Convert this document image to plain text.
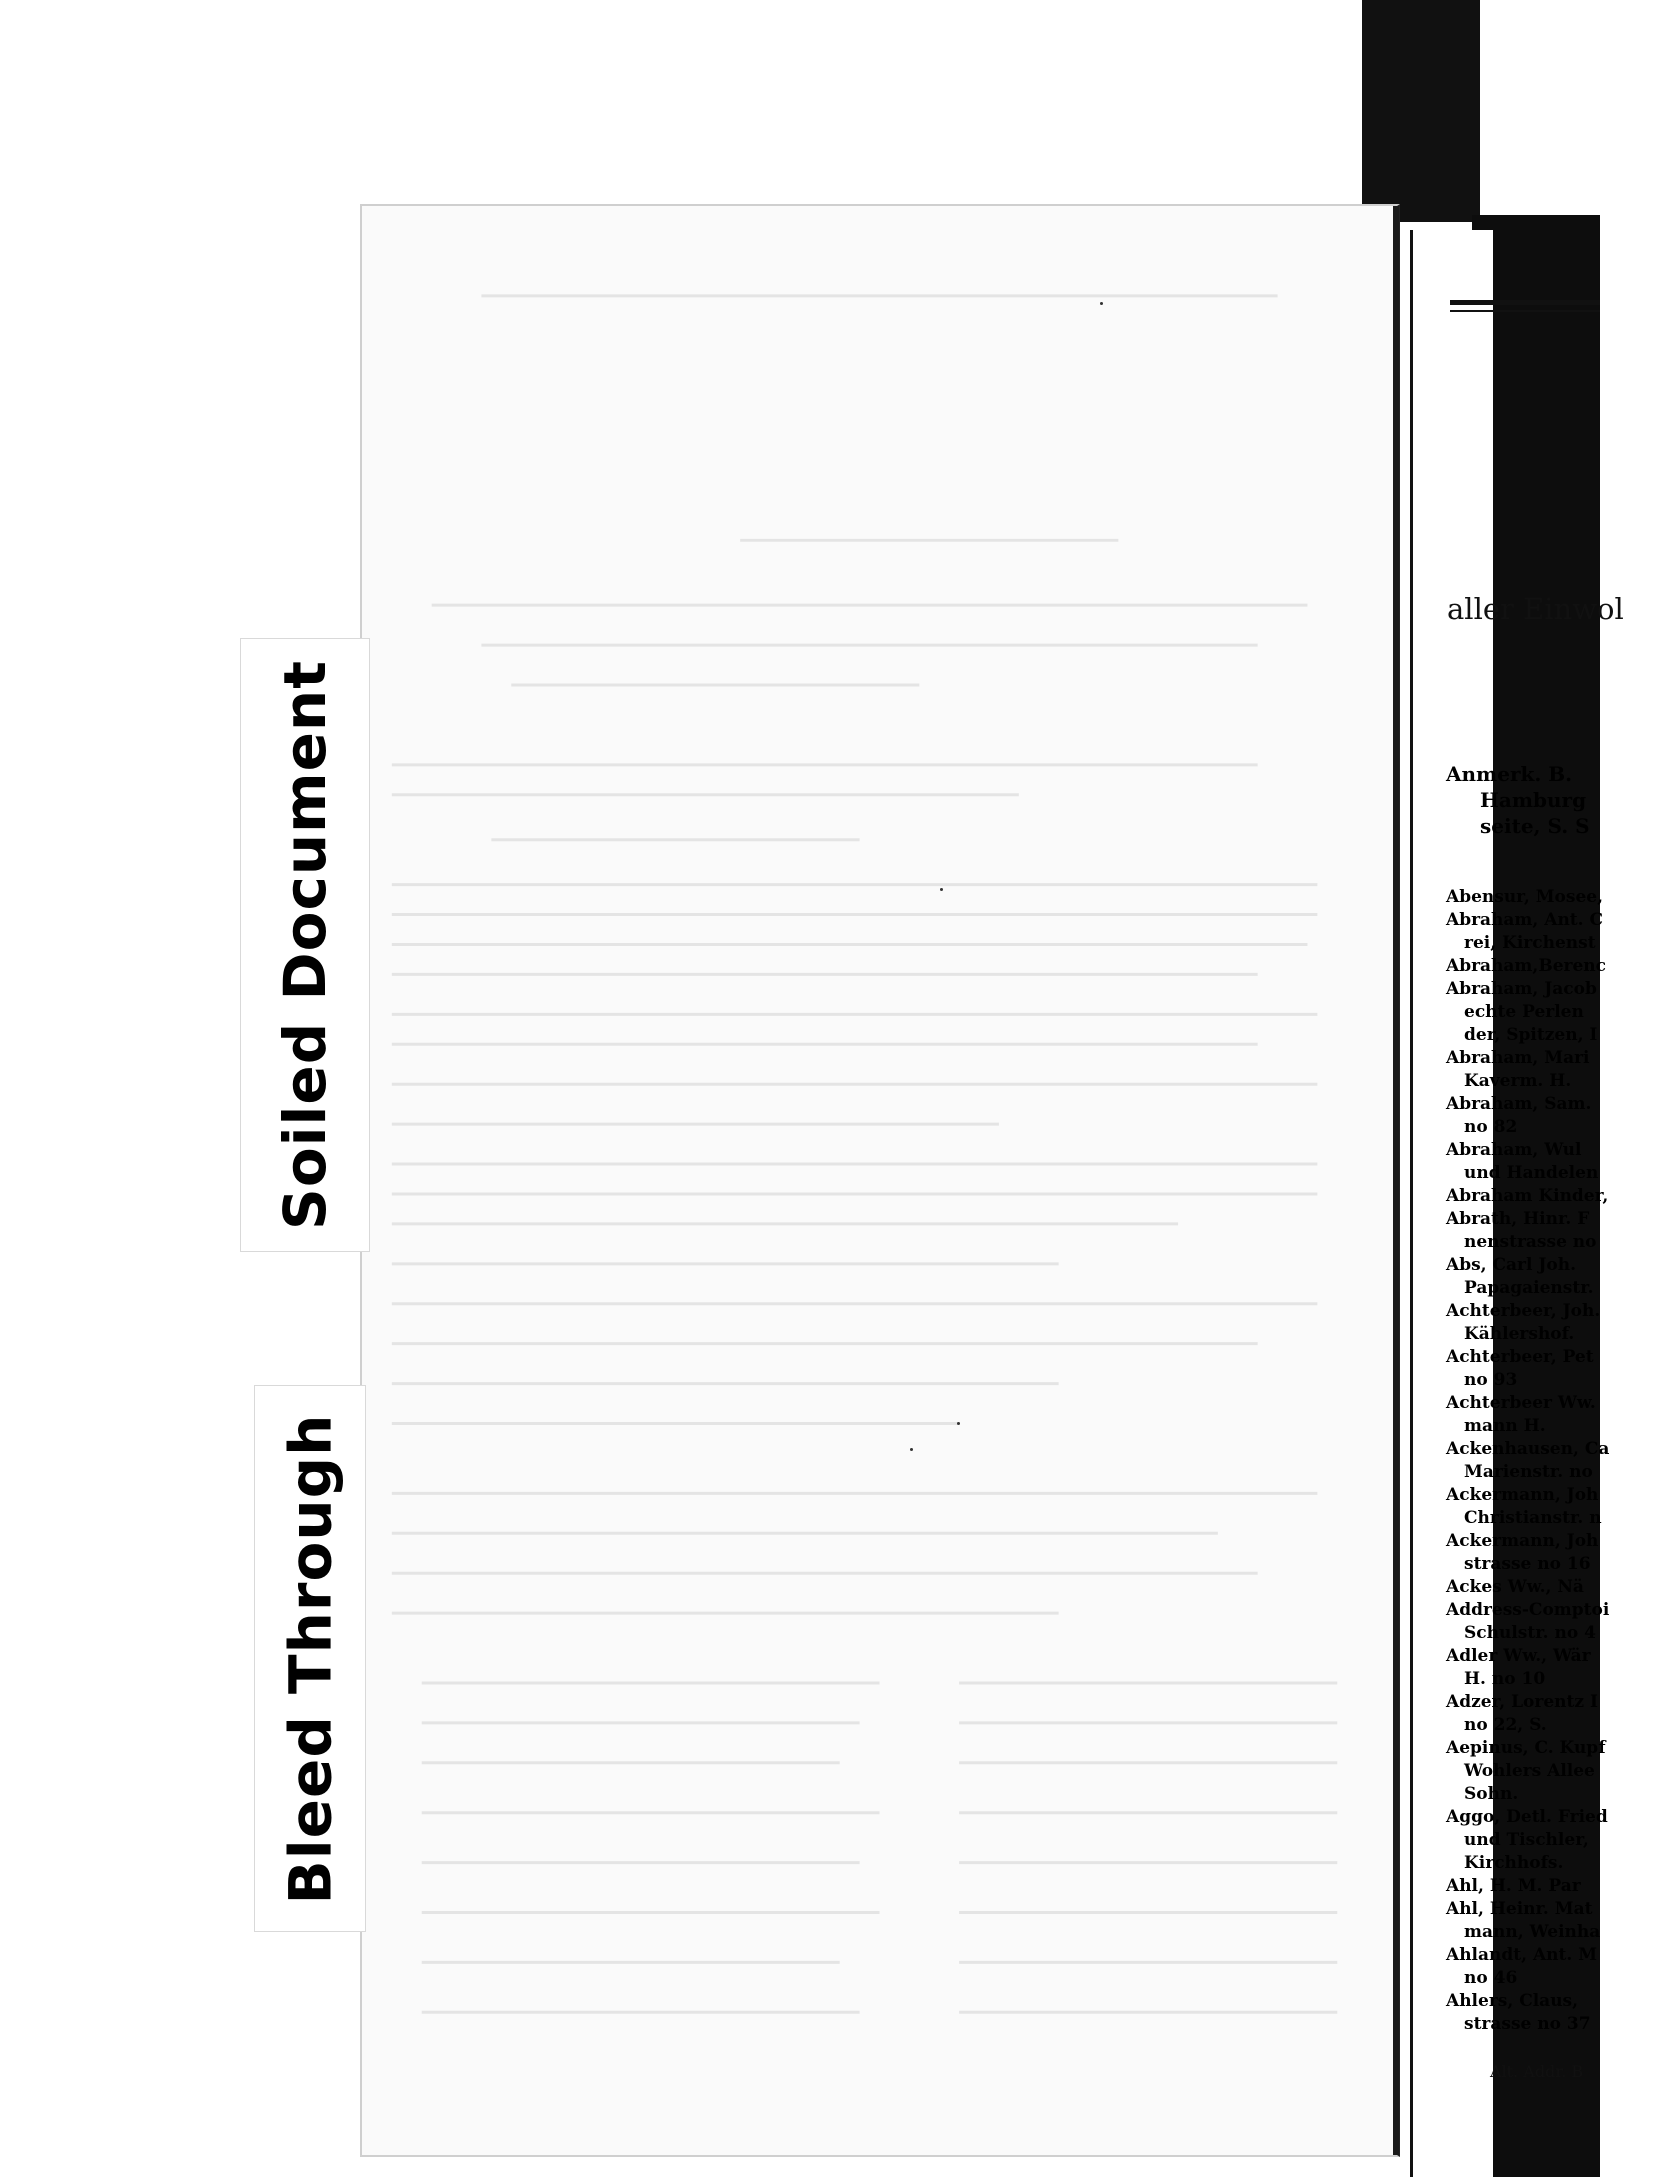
Soiled Document
Bleed Through
aller Einwol
Anmerk. B.
Hamburg
seite, S. S
Abensur, Mosee,
Abraham, Ant. C
rei, Kirchenst
Abraham,Berenc
Abraham, Jacob
echte Perlen
der, Spitzen, I
Abraham, Mari
Kaverm. H.
Abraham, Sam.
no 82
Abraham, Wul
und Handelen
Abraham Kinder,
Abrath, Hinr. F
nenstrasse no
Abs, Carl Joh.
Papagaienstr.
Achterbeer, Joh.
Kählershof.
Achterbeer, Pet
no 93
Achterbeer Ww.
mann H.
Ackenhausen, Ca
Marienstr. no
Ackermann, Joh
Christianstr. n
Ackermann, Joh
strasse no 16
Ackes Ww., Nä
Address-Comptoi
Schulstr. no 4
Adler Ww., Wär
H. no 10
Adzer, Lorentz I
no 22, S.
Aepinus, C. Kupf
Wohlers Allee
Sohn.
Aggo, Detl. Fried
und Tischler,
Kirchhofs.
Ahl, H. M. Par
Ahl, Heinr. Mat
mann, Weinha
Ahlandt, Ant. M
no 46
Ahlers, Claus,
strasse no 37
Alt. Addr. B
